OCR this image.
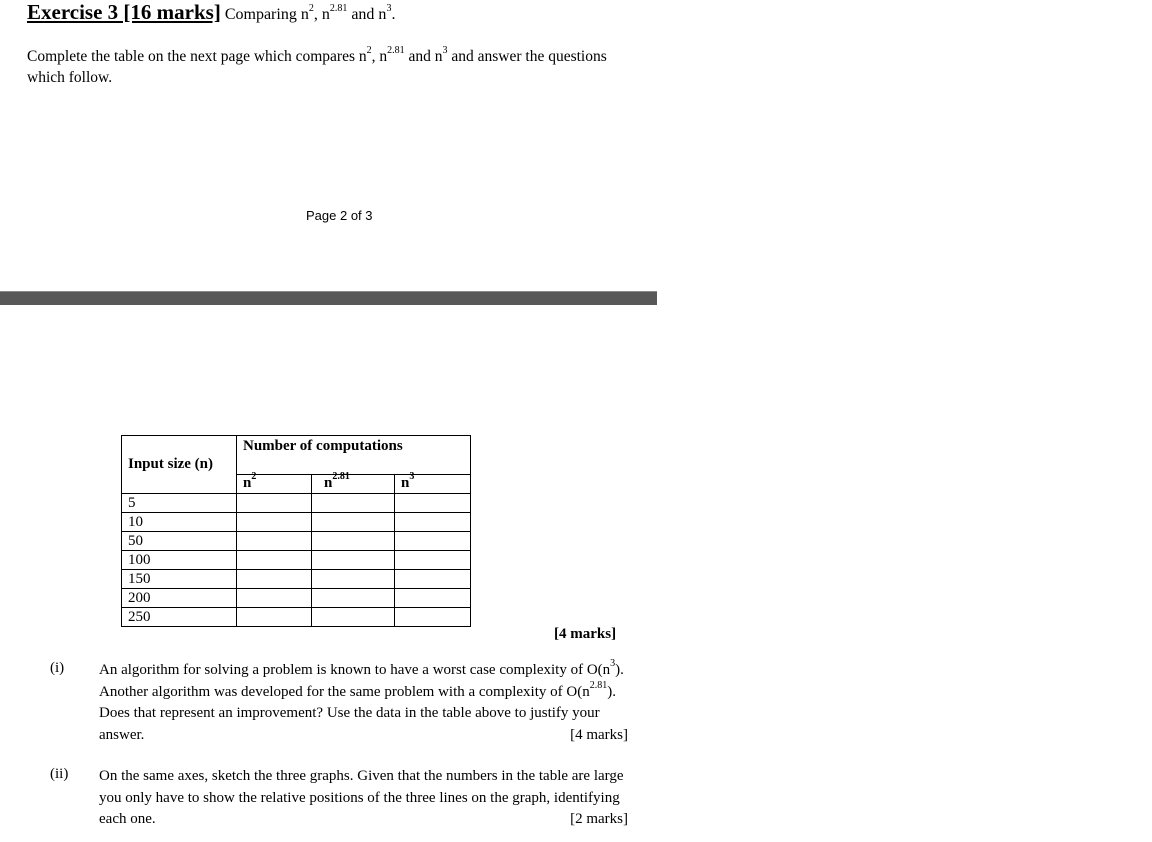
Exercise 3 [16 marks] Comparing $n^2$, $n^{2.81}$ and $n^3$.
Complete the table on the next page which compares $n^2$, $n^{2.81}$ and $n^3$ and answer the questions which follow.
Page 2 of 3
Input size (n)	Number of computations		
	$n^2$	$n^{2.81}$	$n^3$
5			
10			
50			
100			
150			
200			
250			
[4 marks]
(i) An algorithm for solving a problem is known to have a worst case complexity of $O(n^3)$. Another algorithm was developed for the same problem with a complexity of $O(n^{2.81})$. Does that represent an improvement? Use the data in the table above to justify your answer.	[4 marks]
(ii) On the same axes, sketch the three graphs. Given that the numbers in the table are large you only have to show the relative positions of the three lines on the graph, identifying each one.	[2 marks]
